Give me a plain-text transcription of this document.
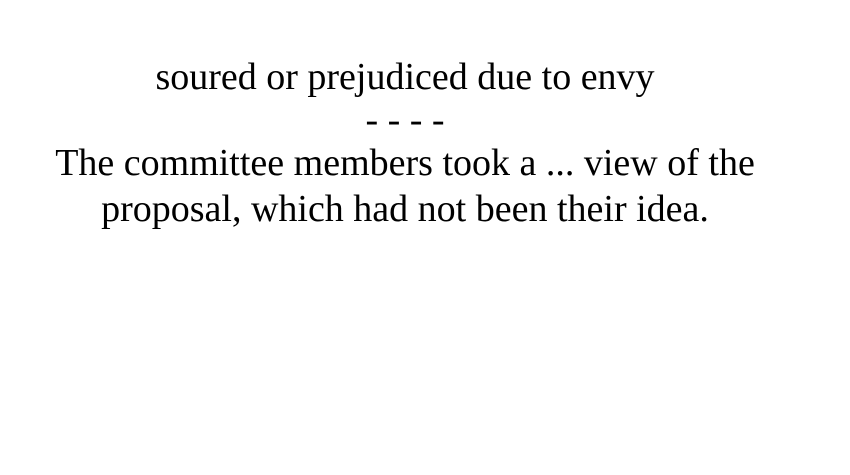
soured or prejudiced due to envy

- - - -

The committee members took a ... view of the proposal, which had not been their idea.
